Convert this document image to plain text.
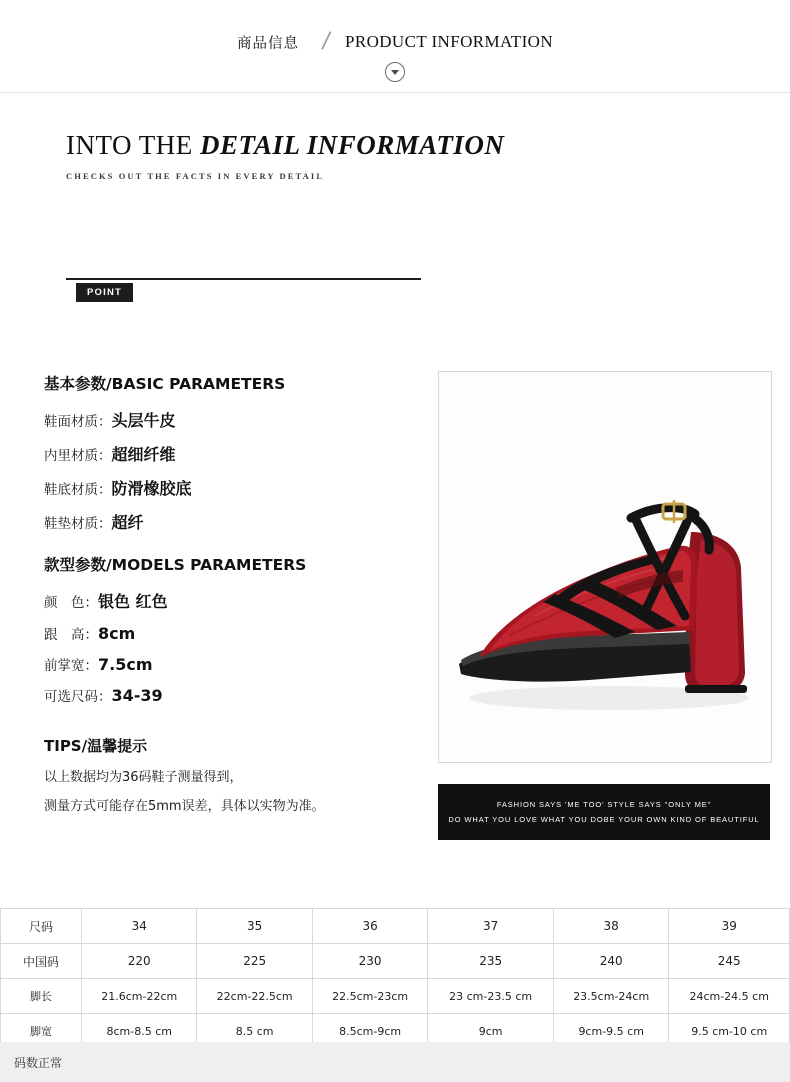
商品信息 / PRODUCT INFORMATION
INTO THE DETAIL INFORMATION
CHECKS OUT THE FACTS IN EVERY DETAIL
POINT
基本参数/BASIC PARAMETERS
鞋面材质：头层牛皮
内里材质：超细纤维
鞋底材质：防滑橡胶底
鞋垫材质：超纤
款型参数/MODELS PARAMETERS
颜　色：银色 红色
跟　高：8cm
前掌宽：7.5cm
可选尺码：34-39
TIPS/温馨提示
以上数据均为36码鞋子测量得到，
测量方式可能存在5mm误差，具体以实物为准。	FASHION SAYS 'ME TOO' STYLE SAYS "ONLY ME"
DO WHAT YOU LOVE WHAT YOU DOBE YOUR OWN KIND OF BEAUTIFUL
尺码	34	35	36	37	38	39
中国码	220	225	230	235	240	245
脚长	21.6cm-22cm	22cm-22.5cm	22.5cm-23cm	23 cm-23.5 cm	23.5cm-24cm	24cm-24.5 cm
脚宽	8cm-8.5 cm	8.5 cm	8.5cm-9cm	9cm	9cm-9.5 cm	9.5 cm-10 cm
码数正常
